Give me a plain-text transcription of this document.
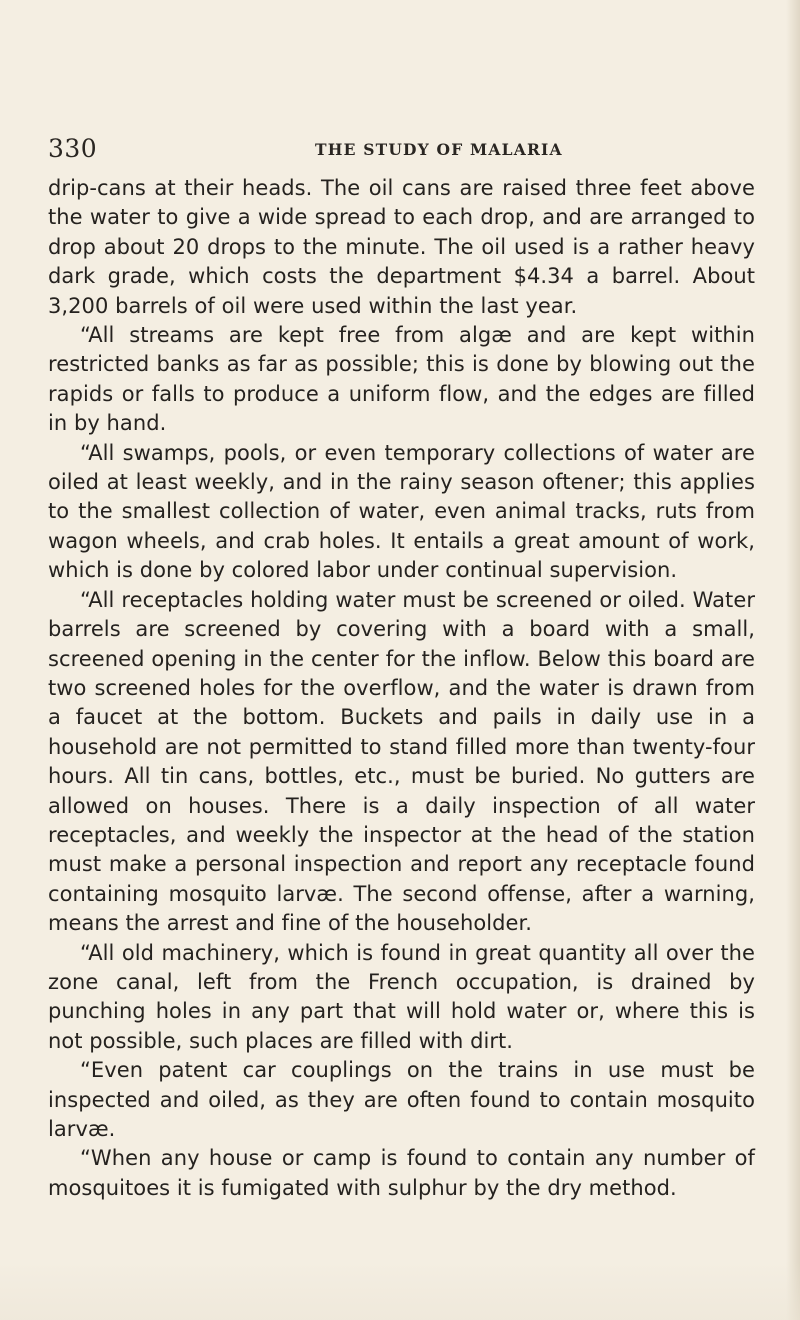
330	THE STUDY OF MALARIA

drip-cans at their heads. The oil cans are raised three feet above the water to give a wide spread to each drop, and are arranged to drop about 20 drops to the minute. The oil used is a rather heavy dark grade, which costs the department $4.34 a barrel. About 3,200 barrels of oil were used within the last year.

“All streams are kept free from algæ and are kept within restricted banks as far as possible; this is done by blowing out the rapids or falls to produce a uniform flow, and the edges are filled in by hand.

“All swamps, pools, or even temporary collections of water are oiled at least weekly, and in the rainy season oftener; this applies to the smallest collection of water, even animal tracks, ruts from wagon wheels, and crab holes. It entails a great amount of work, which is done by colored labor under continual supervision.

“All receptacles holding water must be screened or oiled. Water barrels are screened by covering with a board with a small, screened opening in the center for the inflow. Below this board are two screened holes for the overflow, and the water is drawn from a faucet at the bottom. Buckets and pails in daily use in a household are not permitted to stand filled more than twenty-four hours. All tin cans, bottles, etc., must be buried. No gutters are allowed on houses. There is a daily inspection of all water receptacles, and weekly the inspector at the head of the station must make a personal inspection and report any receptacle found containing mosquito larvæ. The second offense, after a warning, means the arrest and fine of the householder.

“All old machinery, which is found in great quantity all over the zone canal, left from the French occupation, is drained by punching holes in any part that will hold water or, where this is not possible, such places are filled with dirt.

“Even patent car couplings on the trains in use must be inspected and oiled, as they are often found to contain mosquito larvæ.

“When any house or camp is found to contain any number of mosquitoes it is fumigated with sulphur by the dry method.
